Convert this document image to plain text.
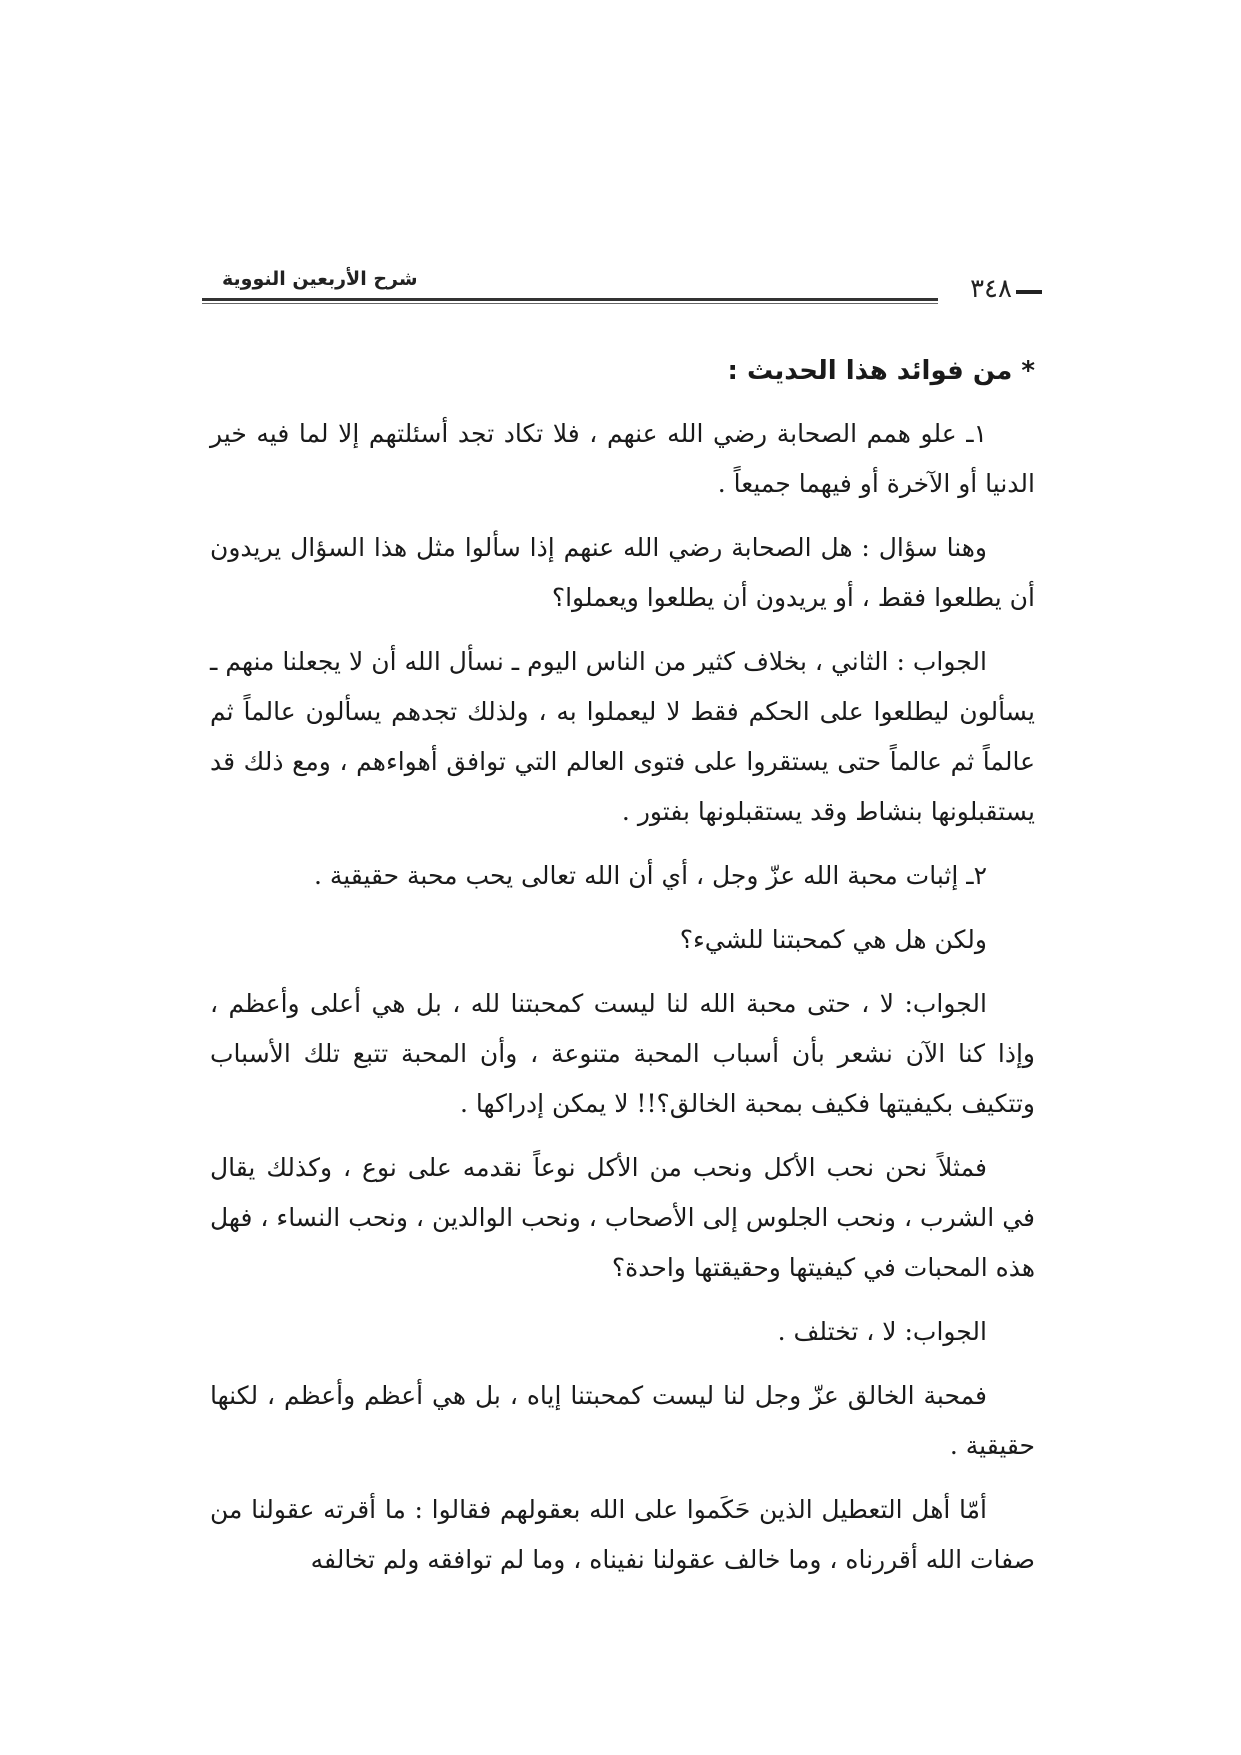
شرح الأربعين النووية	٣٤٨
* من فوائد هذا الحديث :

١ـ علو همم الصحابة رضي الله عنهم ، فلا تكاد تجد أسئلتهم إلا لما فيه خير الدنيا أو الآخرة أو فيهما جميعاً .

وهنا سؤال : هل الصحابة رضي الله عنهم إذا سألوا مثل هذا السؤال يريدون أن يطلعوا فقط ، أو يريدون أن يطلعوا ويعملوا؟

الجواب : الثاني ، بخلاف كثير من الناس اليوم ـ نسأل الله أن لا يجعلنا منهم ـ يسألون ليطلعوا على الحكم فقط لا ليعملوا به ، ولذلك تجدهم يسألون عالماً ثم عالماً ثم عالماً حتى يستقروا على فتوى العالم التي توافق أهواءهم ، ومع ذلك قد يستقبلونها بنشاط وقد يستقبلونها بفتور .

٢ـ إثبات محبة الله عزّ وجل ، أي أن الله تعالى يحب محبة حقيقية .

ولكن هل هي كمحبتنا للشيء؟

الجواب: لا ، حتى محبة الله لنا ليست كمحبتنا لله ، بل هي أعلى وأعظم ، وإذا كنا الآن نشعر بأن أسباب المحبة متنوعة ، وأن المحبة تتبع تلك الأسباب وتتكيف بكيفيتها فكيف بمحبة الخالق؟!! لا يمكن إدراكها .

فمثلاً نحن نحب الأكل ونحب من الأكل نوعاً نقدمه على نوع ، وكذلك يقال في الشرب ، ونحب الجلوس إلى الأصحاب ، ونحب الوالدين ، ونحب النساء ، فهل هذه المحبات في كيفيتها وحقيقتها واحدة؟

الجواب: لا ، تختلف .

فمحبة الخالق عزّ وجل لنا ليست كمحبتنا إياه ، بل هي أعظم وأعظم ، لكنها حقيقية .

أمّا أهل التعطيل الذين حَكَموا على الله بعقولهم فقالوا : ما أقرته عقولنا من صفات الله أقررناه ، وما خالف عقولنا نفيناه ، وما لم توافقه ولم تخالفه
